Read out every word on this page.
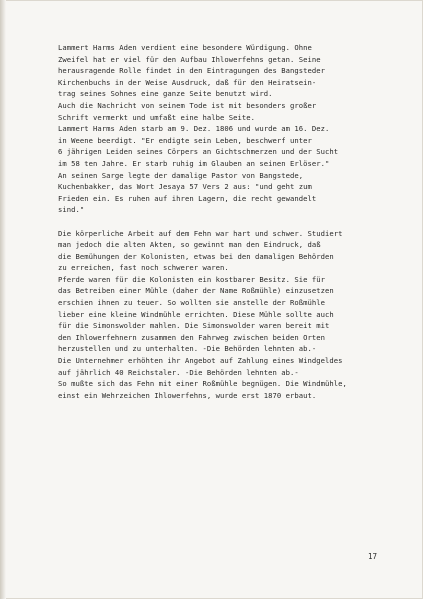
Lammert Harms Aden verdient eine besondere Würdigung. Ohne
Zweifel hat er viel für den Aufbau Ihlowerfehns getan. Seine
herausragende Rolle findet in den Eintragungen des Bangsteder
Kirchenbuchs in der Weise Ausdruck, daß für den Heiratsein-
trag seines Sohnes eine ganze Seite benutzt wird.
Auch die Nachricht von seinem Tode ist mit besonders großer
Schrift vermerkt und umfaßt eine halbe Seite.
Lammert Harms Aden starb am 9. Dez. 1806 und wurde am 16. Dez.
in Weene beerdigt. "Er endigte sein Leben, beschwerf unter
6 jährigen Leiden seines Cörpers an Gichtschmerzen und der Sucht
im 58 ten Jahre. Er starb ruhig im Glauben an seinen Erlöser."
An seinen Sarge legte der damalige Pastor von Bangstede,
Kuchenbakker, das Wort Jesaya 57 Vers 2 aus: "und geht zum
Frieden ein. Es ruhen auf ihren Lagern, die recht gewandelt
sind."

Die körperliche Arbeit auf dem Fehn war hart und schwer. Studiert
man jedoch die alten Akten, so gewinnt man den Eindruck, daß
die Bemühungen der Kolonisten, etwas bei den damaligen Behörden
zu erreichen, fast noch schwerer waren.
Pferde waren für die Kolonisten ein kostbarer Besitz. Sie für
das Betreiben einer Mühle (daher der Name Roßmühle) einzusetzen
erschien ihnen zu teuer. So wollten sie anstelle der Roßmühle
lieber eine kleine Windmühle errichten. Diese Mühle sollte auch
für die Simonswolder mahlen. Die Simonswolder waren bereit mit
den Ihlowerfehnern zusammen den Fahrweg zwischen beiden Orten
herzustellen und zu unterhalten. -Die Behörden lehnten ab.-
Die Unternehmer erhöhten ihr Angebot auf Zahlung eines Windgeldes
auf jährlich 40 Reichstaler. -Die Behörden lehnten ab.-
So mußte sich das Fehn mit einer Roßmühle begnügen. Die Windmühle,
einst ein Wehrzeichen Ihlowerfehns, wurde erst 1870 erbaut.

17
